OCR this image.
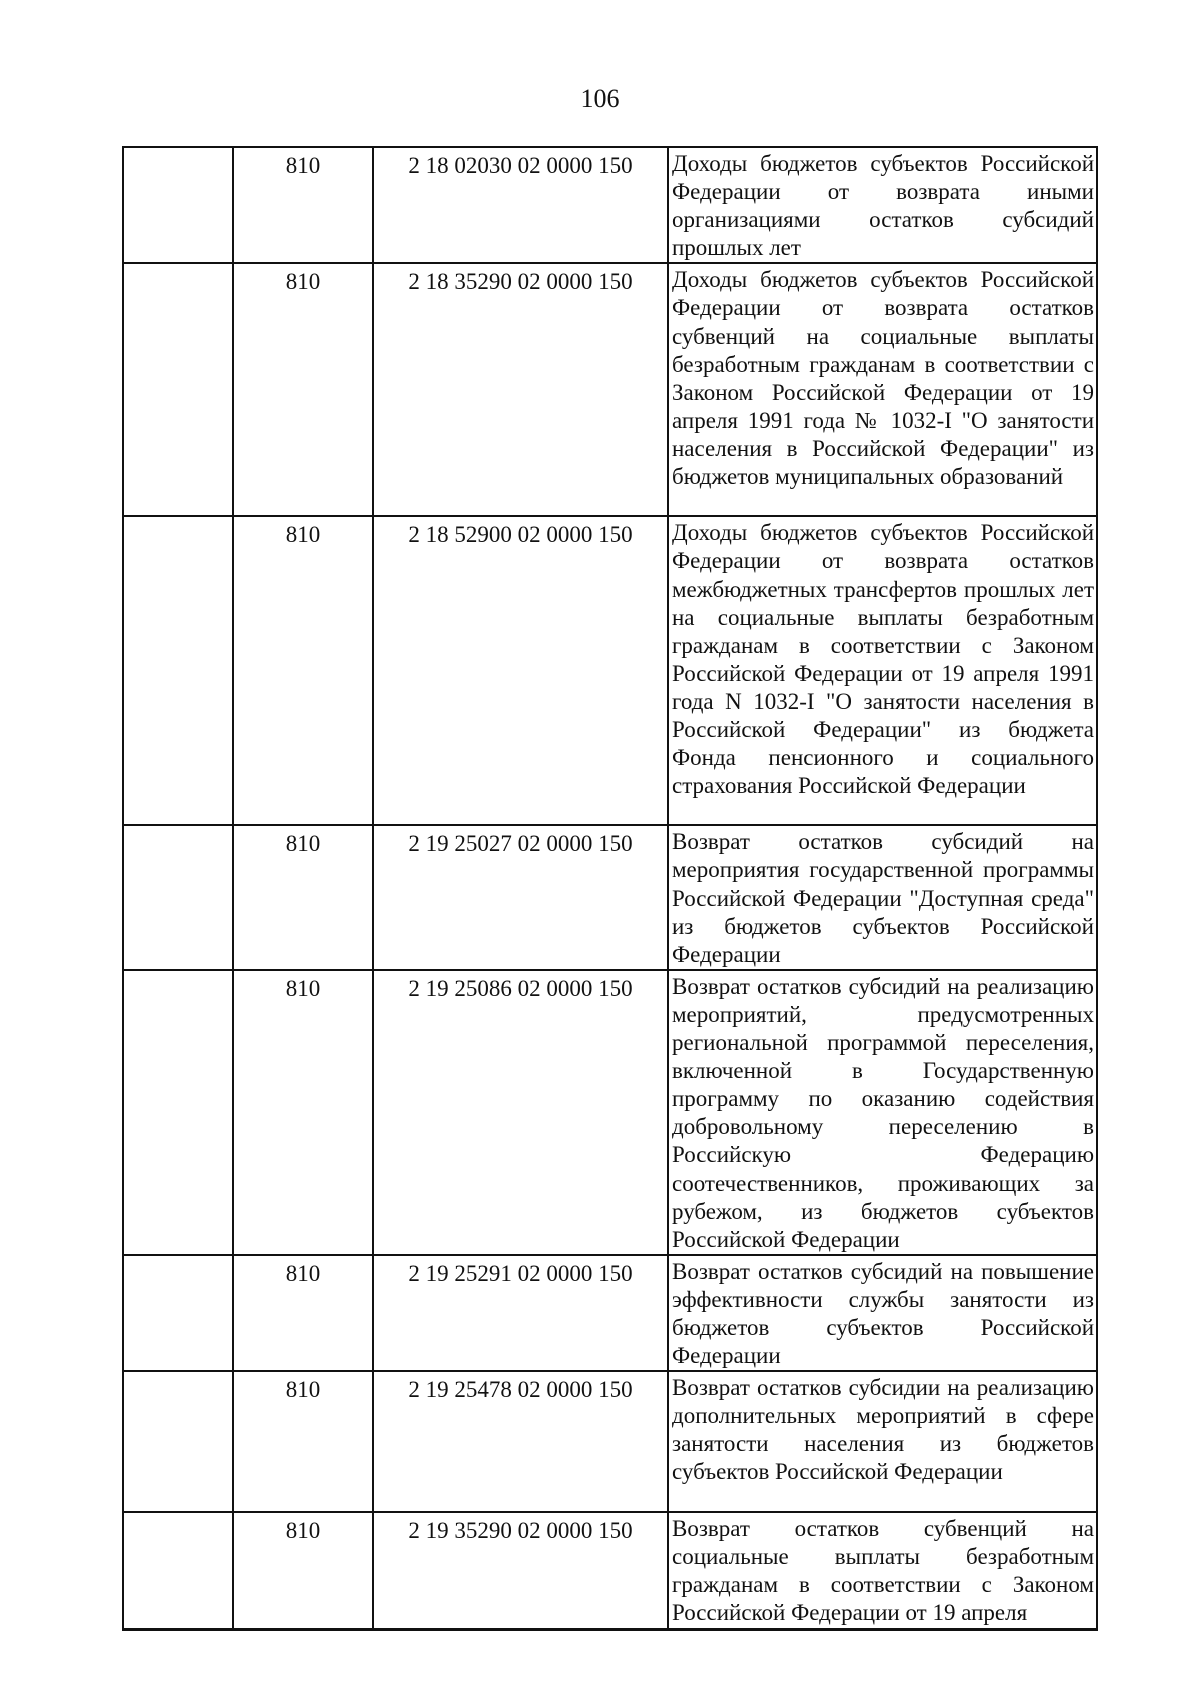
106
	810	2 18 02030 02 0000 150	Доходы бюджетов субъектов Российской Федерации от возврата иными организациями остатков субсидий прошлых лет

	810	2 18 35290 02 0000 150	Доходы бюджетов субъектов Российской Федерации от возврата остатков субвенций на социальные выплаты безработным гражданам в соответствии с Законом Российской Федерации от 19 апреля 1991 года № 1032-I "О занятости населения в Российской Федерации" из бюджетов муниципальных образований

	810	2 18 52900 02 0000 150	Доходы бюджетов субъектов Российской Федерации от возврата остатков межбюджетных трансфертов прошлых лет на социальные выплаты безработным гражданам в соответствии с Законом Российской Федерации от 19 апреля 1991 года N 1032-I "О занятости населения в Российской Федерации" из бюджета Фонда пенсионного и социального страхования Российской Федерации

	810	2 19 25027 02 0000 150	Возврат остатков субсидий на мероприятия государственной программы Российской Федерации "Доступная среда" из бюджетов субъектов Российской Федерации

	810	2 19 25086 02 0000 150	Возврат остатков субсидий на реализацию мероприятий, предусмотренных региональной программой переселения, включенной в Государственную программу по оказанию содействия добровольному переселению в Российскую Федерацию соотечественников, проживающих за рубежом, из бюджетов субъектов Российской Федерации

	810	2 19 25291 02 0000 150	Возврат остатков субсидий на повышение эффективности службы занятости из бюджетов субъектов Российской Федерации

	810	2 19 25478 02 0000 150	Возврат остатков субсидии на реализацию дополнительных мероприятий в сфере занятости населения из бюджетов субъектов Российской Федерации

	810	2 19 35290 02 0000 150	Возврат остатков субвенций на социальные выплаты безработным гражданам в соответствии с Законом Российской Федерации от 19 апреля
